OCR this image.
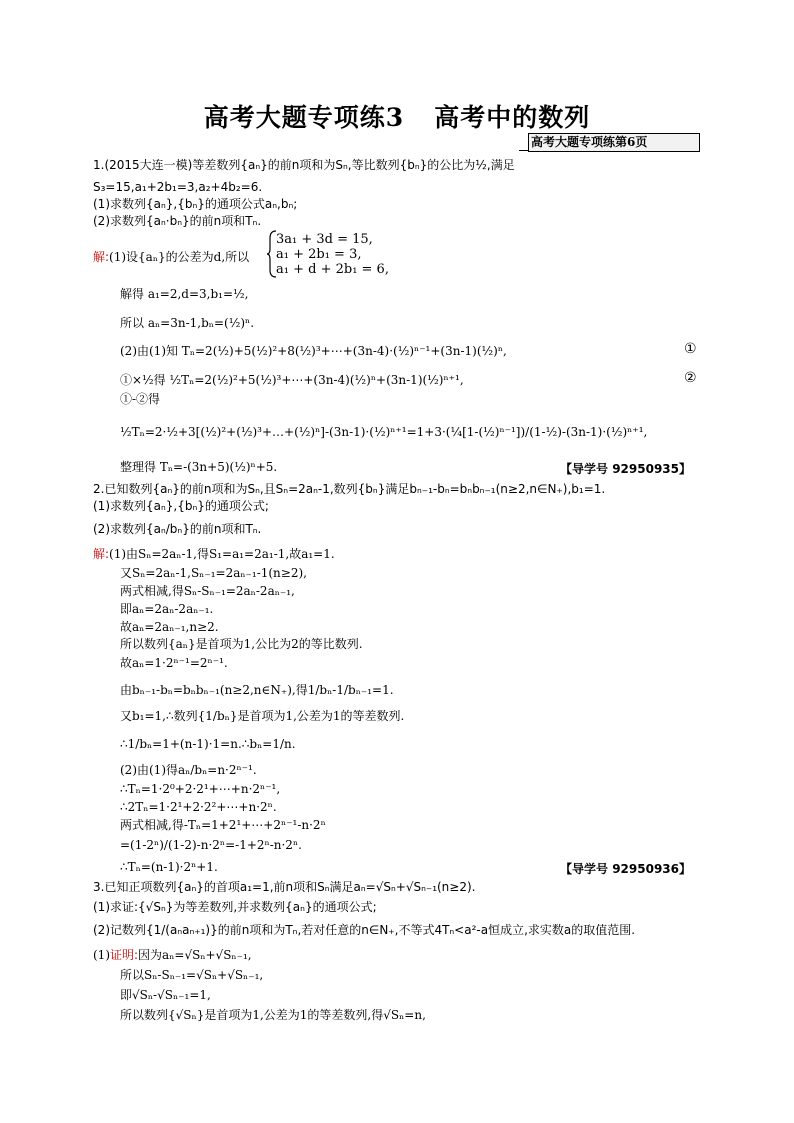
高考大题专项练3 高考中的数列
高考大题专项练第6页
1.(2015大连一模)等差数列{aₙ}的前n项和为Sₙ,等比数列{bₙ}的公比为½,满足
S₃=15,a₁+2b₁=3,a₂+4b₂=6.
(1)求数列{aₙ},{bₙ}的通项公式aₙ,bₙ;
(2)求数列{aₙ·bₙ}的前n项和Tₙ.
解:(1)设{aₙ}的公差为d,所以
3a₁ + 3d = 15,
a₁ + 2b₁ = 3,
a₁ + d + 2b₁ = 6,
解得 a₁=2,d=3,b₁=½,
所以 aₙ=3n-1,bₙ=(½)ⁿ.
(2)由(1)知 Tₙ=2(½)+5(½)²+8(½)³+⋯+(3n-4)·(½)ⁿ⁻¹+(3n-1)(½)ⁿ,	①
①×½得 ½Tₙ=2(½)²+5(½)³+⋯+(3n-4)(½)ⁿ+(3n-1)(½)ⁿ⁺¹,	②
①-②得
½Tₙ=2·½+3[(½)²+(½)³+…+(½)ⁿ]-(3n-1)·(½)ⁿ⁺¹=1+3·(¼[1-(½)ⁿ⁻¹])/(1-½)-(3n-1)·(½)ⁿ⁺¹,
整理得 Tₙ=-(3n+5)(½)ⁿ+5.	【导学号 92950935】
2.已知数列{aₙ}的前n项和为Sₙ,且Sₙ=2aₙ-1,数列{bₙ}满足bₙ₋₁-bₙ=bₙbₙ₋₁(n≥2,n∈N₊),b₁=1.
(1)求数列{aₙ},{bₙ}的通项公式;
(2)求数列{aₙ/bₙ}的前n项和Tₙ.
解:(1)由Sₙ=2aₙ-1,得S₁=a₁=2a₁-1,故a₁=1.
又Sₙ=2aₙ-1,Sₙ₋₁=2aₙ₋₁-1(n≥2),
两式相减,得Sₙ-Sₙ₋₁=2aₙ-2aₙ₋₁,
即aₙ=2aₙ-2aₙ₋₁.
故aₙ=2aₙ₋₁,n≥2.
所以数列{aₙ}是首项为1,公比为2的等比数列.
故aₙ=1·2ⁿ⁻¹=2ⁿ⁻¹.
由bₙ₋₁-bₙ=bₙbₙ₋₁(n≥2,n∈N₊),得1/bₙ-1/bₙ₋₁=1.
又b₁=1,∴数列{1/bₙ}是首项为1,公差为1的等差数列.
∴1/bₙ=1+(n-1)·1=n.∴bₙ=1/n.
(2)由(1)得aₙ/bₙ=n·2ⁿ⁻¹.
∴Tₙ=1·2⁰+2·2¹+⋯+n·2ⁿ⁻¹,
∴2Tₙ=1·2¹+2·2²+⋯+n·2ⁿ.
两式相减,得-Tₙ=1+2¹+⋯+2ⁿ⁻¹-n·2ⁿ
=(1-2ⁿ)/(1-2)-n·2ⁿ=-1+2ⁿ-n·2ⁿ.
∴Tₙ=(n-1)·2ⁿ+1.	【导学号 92950936】
3.已知正项数列{aₙ}的首项a₁=1,前n项和Sₙ满足aₙ=√Sₙ+√Sₙ₋₁(n≥2).
(1)求证:{√Sₙ}为等差数列,并求数列{aₙ}的通项公式;
(2)记数列{1/(aₙaₙ₊₁)}的前n项和为Tₙ,若对任意的n∈N₊,不等式4Tₙ<a²-a恒成立,求实数a的取值范围.
(1)证明:因为aₙ=√Sₙ+√Sₙ₋₁,
所以Sₙ-Sₙ₋₁=√Sₙ+√Sₙ₋₁,
即√Sₙ-√Sₙ₋₁=1,
所以数列{√Sₙ}是首项为1,公差为1的等差数列,得√Sₙ=n,
